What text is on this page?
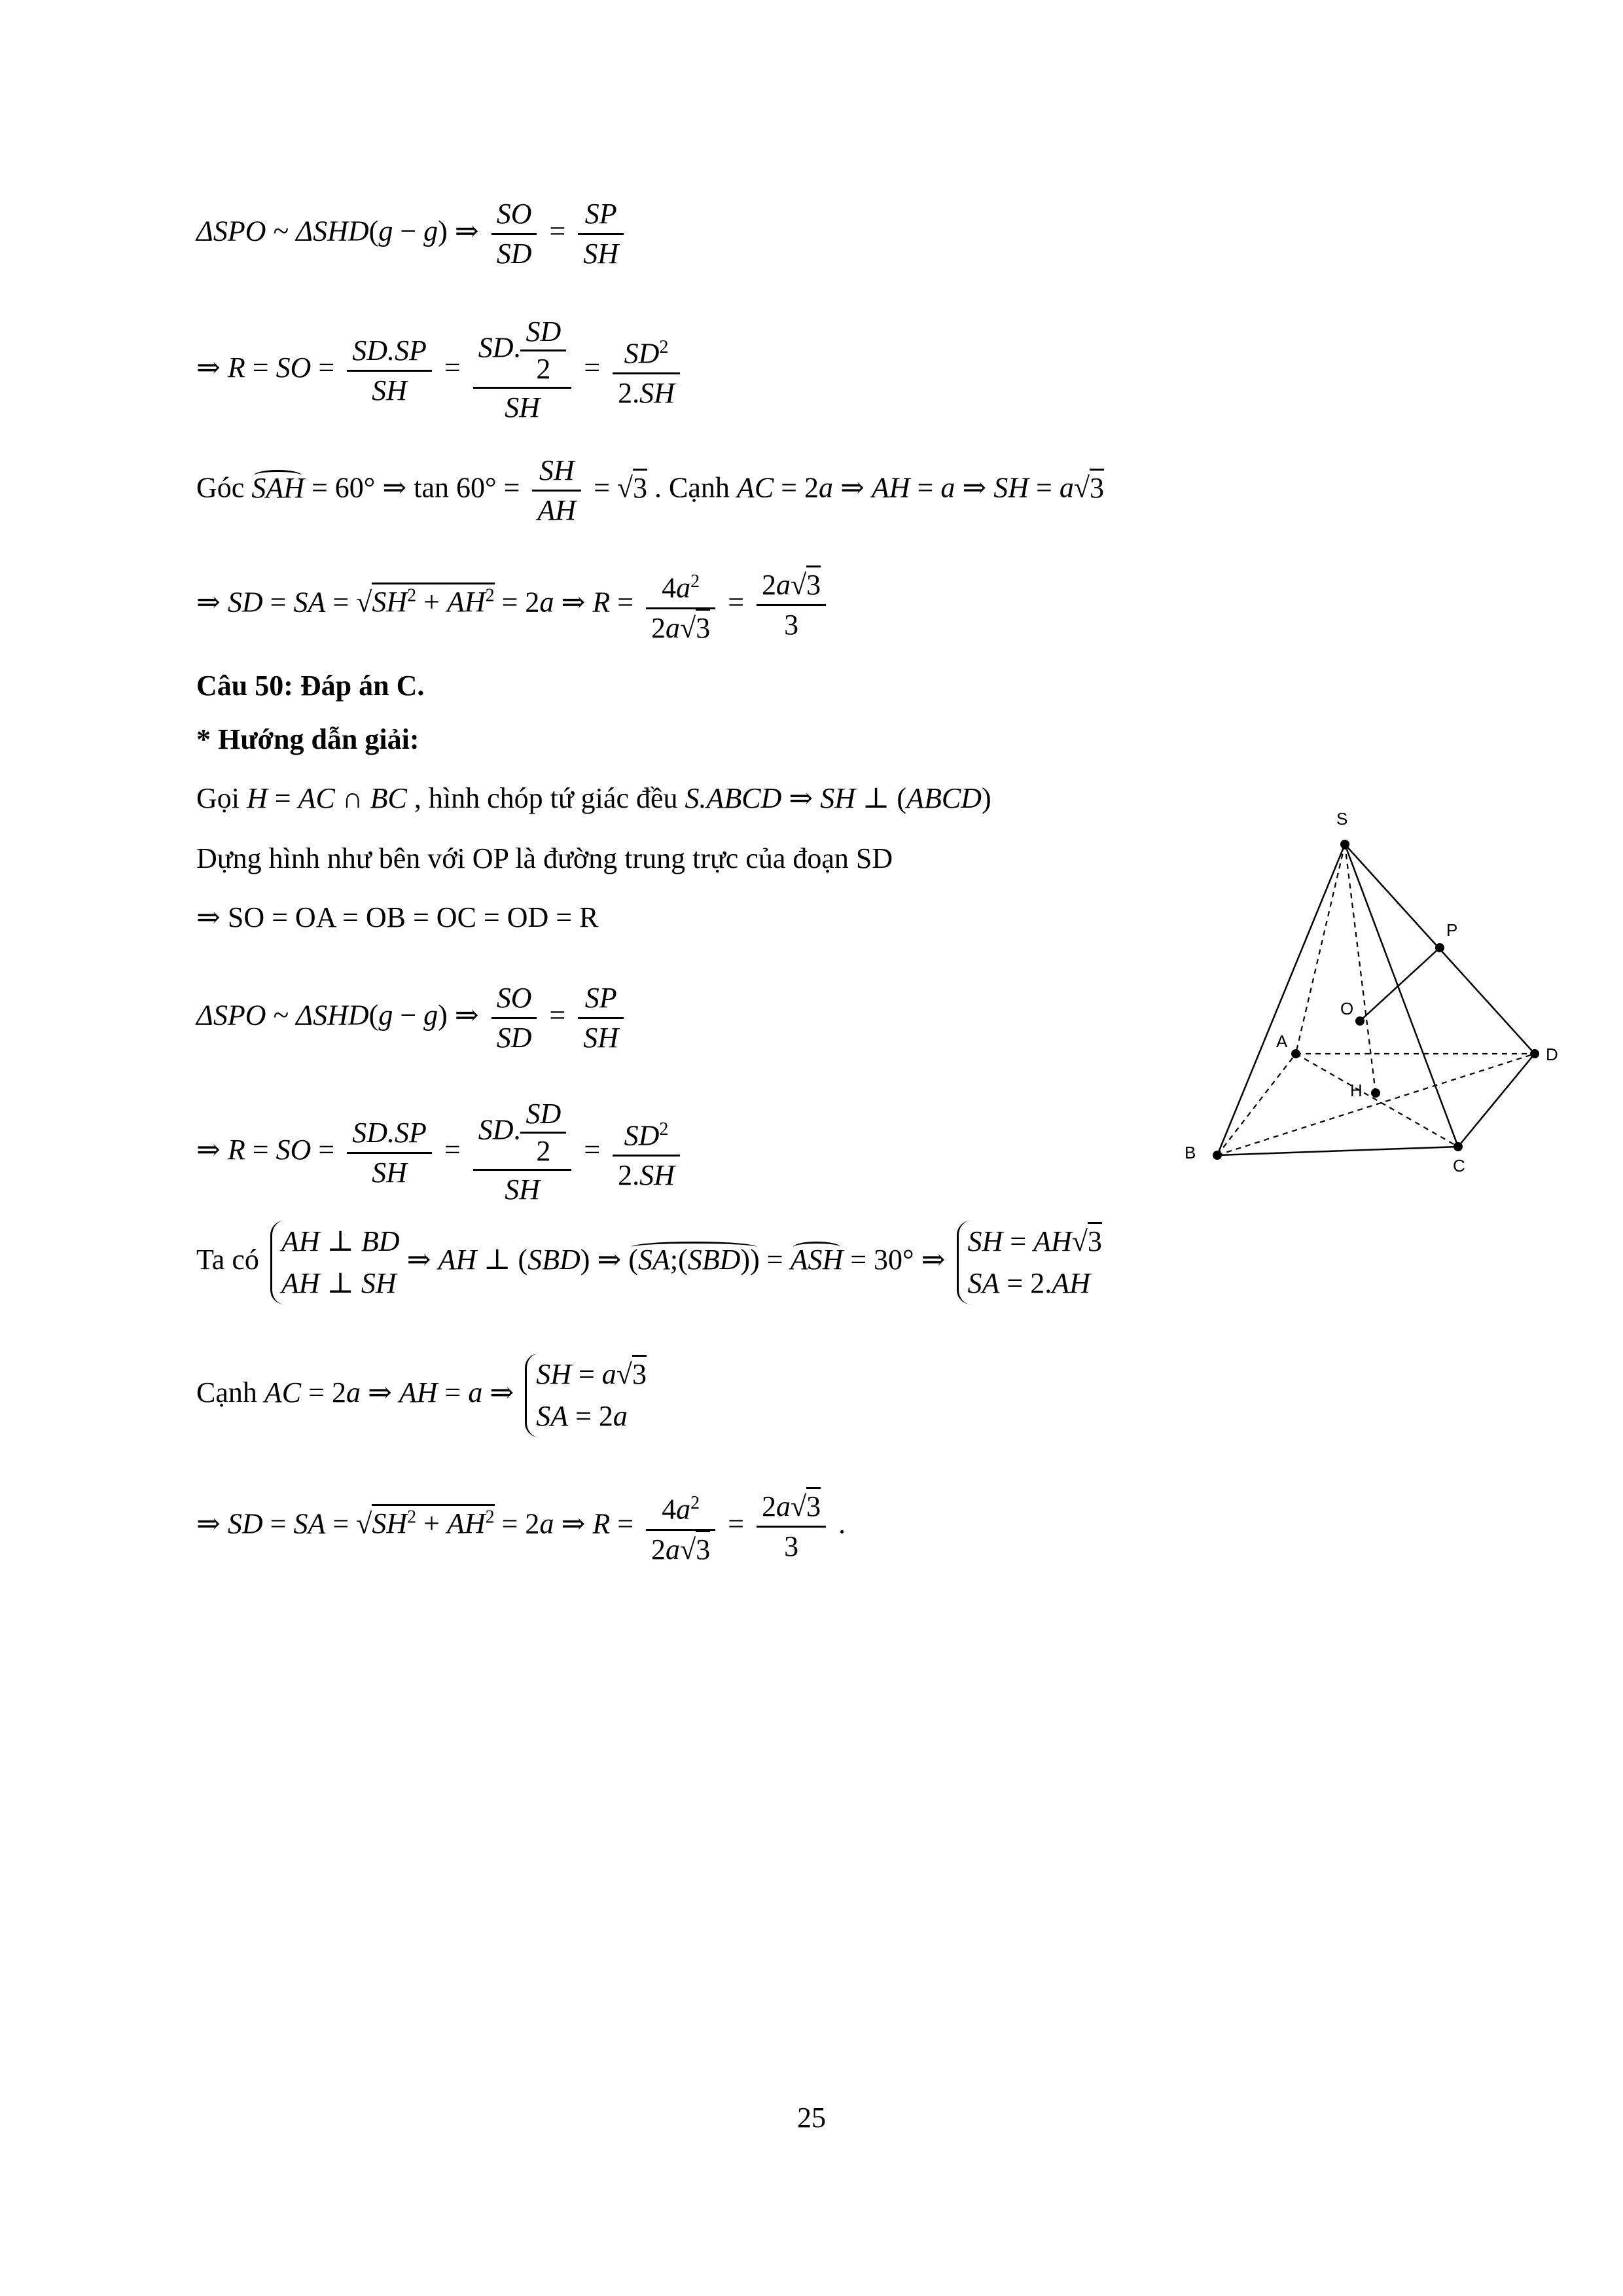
ΔSPO ~ ΔSHD(g − g) ⇒ $\frac{SO}{SD} = \frac{SP}{SH}$
⇒ R = SO = $\frac{SD.SP}{SH} = \frac{SD. \frac{SD}{2}}{SH} = \frac{SD^2}{2.SH}$
Góc SAH = 60° ⇒ $\tan 60^\circ = \frac{SH}{AH} = √3$ . Cạnh AC = 2a ⇒ AH = a ⇒ SH = a√3
⇒ SD = SA = $√SH^2 + AH^2 = 2a$ ⇒ $R = \frac{4a^2}{2a√3} = \frac{2a√3}{3}$
Câu 50: Đáp án C.
* Hướng dẫn giải:
Gọi H = AC ∩ BC , hình chóp tứ giác đều S.ABCD ⇒ SH ⊥ (ABCD)
Dựng hình như bên với OP là đường trung trực của đoạn SD
⇒ SO = OA = OB = OC = OD = R
ΔSPO ~ ΔSHD(g − g) ⇒ $\frac{SO}{SD} = \frac{SP}{SH}$
⇒ R = SO = $\frac{SD.SP}{SH} = \frac{SD. \frac{SD}{2}}{SH} = \frac{SD^2}{2.SH}$
Ta có
AH ⊥ BD
AH ⊥ SH
⇒ AH ⊥ (SBD) ⇒ (SA;(SBD)) = ASH = 30° ⇒
SH = AH√3
SA = 2.AH
Cạnh AC = 2a ⇒ AH = a ⇒
SH = a√3
SA = 2a
⇒ SD = SA = $√SH^2 + AH^2 = 2a$ ⇒ $R = \frac{4a^2}{2a√3} = \frac{2a√3}{3}$ .
S
P
O
A
H
D
B
C
25
